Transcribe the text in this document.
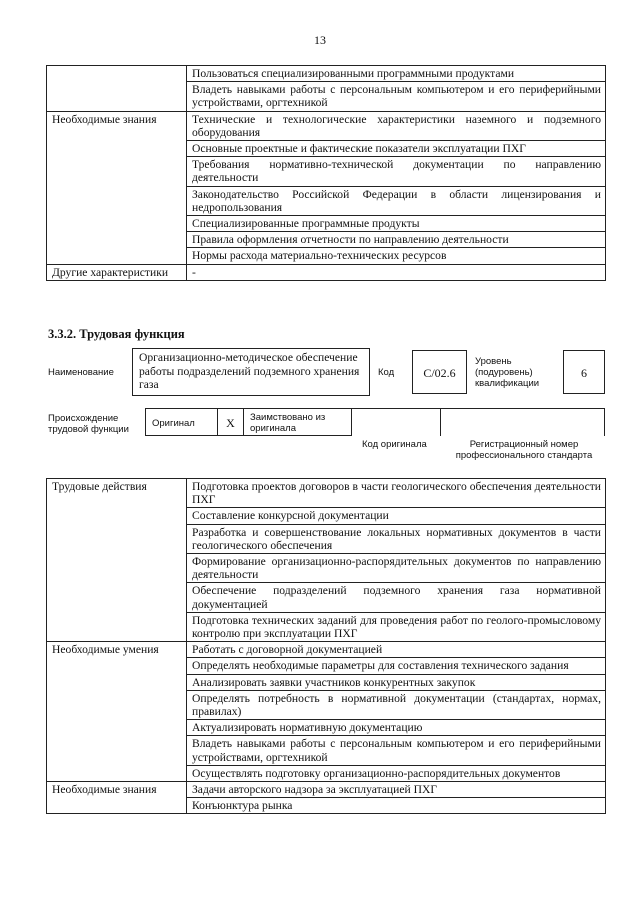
13
	Пользоваться специализированными программными продуктами
	Владеть навыками работы с персональным компьютером и его периферийными устройствами, оргтехникой
Необходимые знания	Технические и технологические характеристики наземного и подземного оборудования
	Основные проектные и фактические показатели эксплуатации ПХГ
	Требования нормативно-технической документации по направлению деятельности
	Законодательство Российской Федерации в области лицензирования и недропользования
	Специализированные программные продукты
	Правила оформления отчетности по направлению деятельности
	Нормы расхода материально-технических ресурсов
Другие характеристики	-
3.3.2. Трудовая функция
Наименование
Организационно-методическое обеспечение работы подразделений подземного хранения газа
Код	С/02.6
Уровень (подуровень) квалификации
6
Происхождение трудовой функции
Оригинал	X	Заимствовано из оригинала
Код оригинала	Регистрационный номер профессионального стандарта
Трудовые действия	Подготовка проектов договоров в части геологического обеспечения деятельности ПХГ
	Составление конкурсной документации
	Разработка и совершенствование локальных нормативных документов в части геологического обеспечения
	Формирование организационно-распорядительных документов по направлению деятельности
	Обеспечение подразделений подземного хранения газа нормативной документацией
	Подготовка технических заданий для проведения работ по геолого-промысловому контролю при эксплуатации ПХГ
Необходимые умения	Работать с договорной документацией
	Определять необходимые параметры для составления технического задания
	Анализировать заявки участников конкурентных закупок
	Определять потребность в нормативной документации (стандартах, нормах, правилах)
	Актуализировать нормативную документацию
	Владеть навыками работы с персональным компьютером и его периферийными устройствами, оргтехникой
	Осуществлять подготовку организационно-распорядительных документов
Необходимые знания	Задачи авторского надзора за эксплуатацией ПХГ
	Конъюнктура рынка
